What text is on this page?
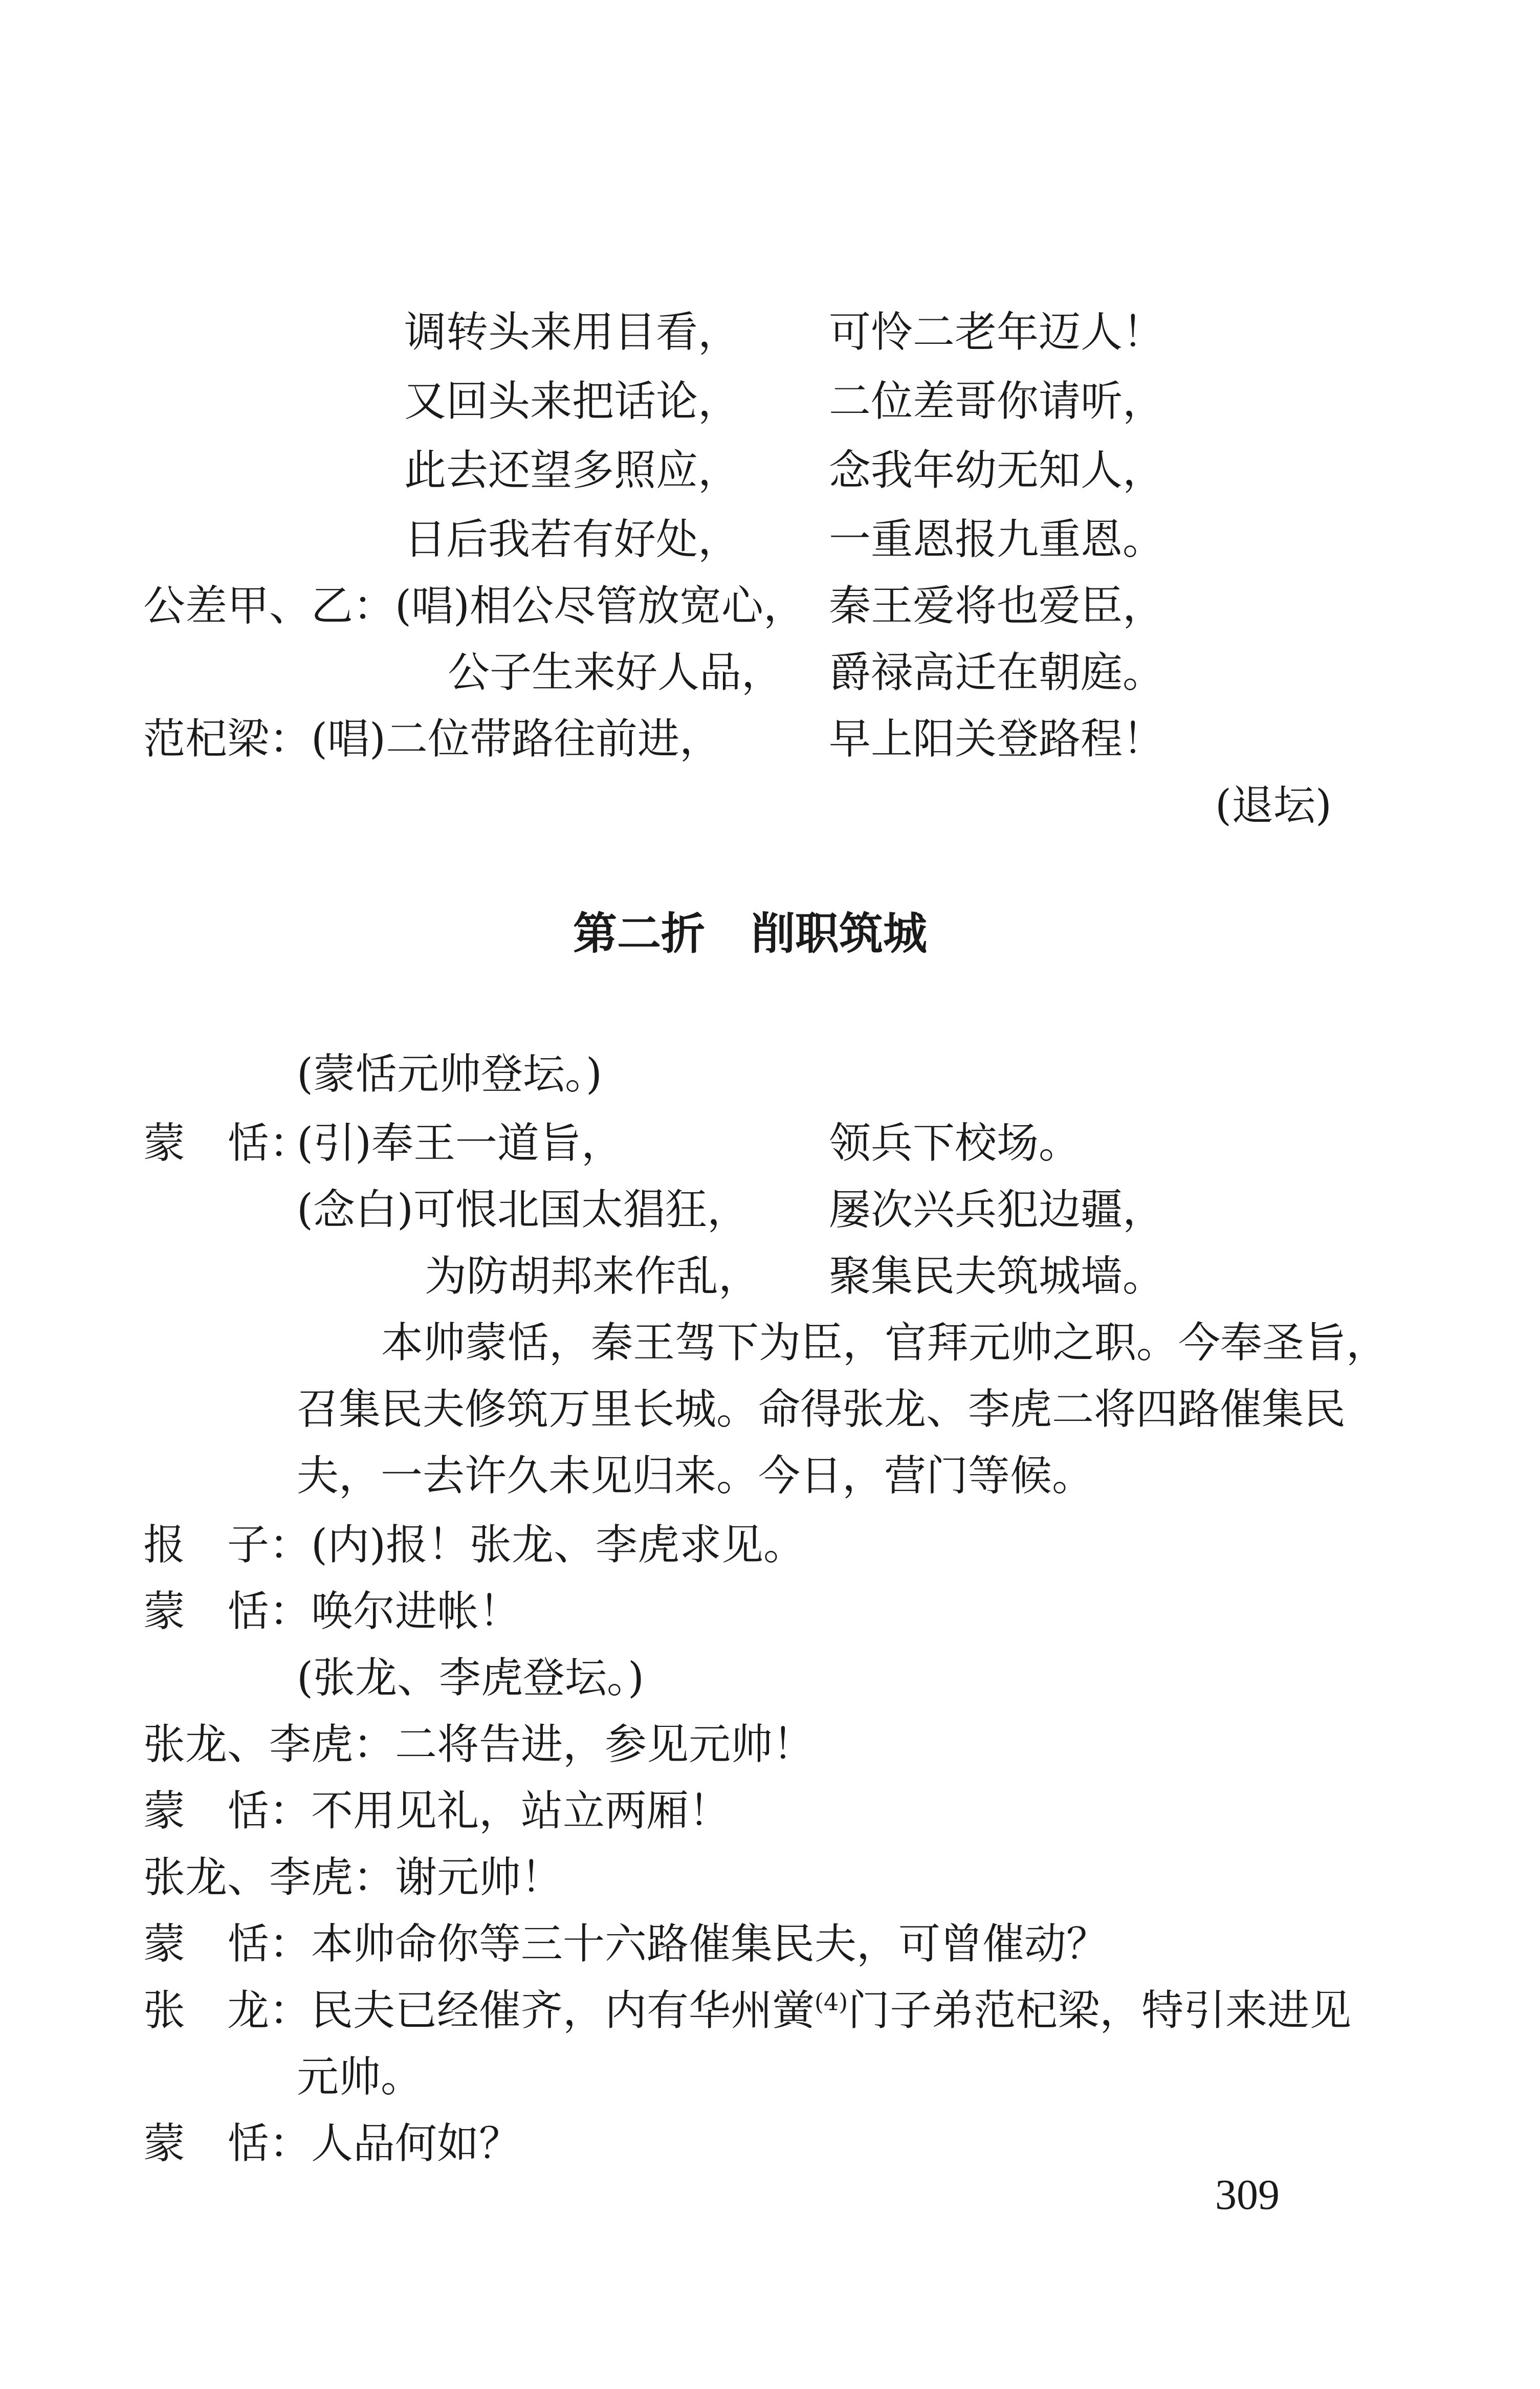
调转头来用目看， 可怜二老年迈人！
又回头来把话论， 二位差哥你请听，
此去还望多照应， 念我年幼无知人，
日后我若有好处， 一重恩报九重恩。
公差甲、乙：(唱)相公尽管放宽心， 秦王爱将也爱臣，
公子生来好人品， 爵禄高迁在朝庭。
范杞梁：(唱)二位带路往前进，	早上阳关登路程！
(退坛)
第二折 削职筑城
(蒙恬元帅登坛。)
蒙　恬：
(引)奉王一道旨，	领兵下校场。
(念白)可恨北国太猖狂， 屡次兴兵犯边疆，
为防胡邦来作乱， 聚集民夫筑城墙。
本帅蒙恬，秦王驾下为臣，官拜元帅之职。今奉圣旨，
召集民夫修筑万里长城。命得张龙、李虎二将四路催集民
夫，一去许久未见归来。今日，营门等候。
报　子：(内)报！张龙、李虎求见。
蒙　恬：唤尔进帐！
(张龙、李虎登坛。)
张龙、李虎：二将告进，参见元帅！
蒙　恬：不用见礼，站立两厢！
张龙、李虎：谢元帅！
蒙　恬：本帅命你等三十六路催集民夫，可曾催动？
张　龙：民夫已经催齐，内有华州黉$^{(4)}$门子弟范杞梁，特引来进见
元帅。
蒙　恬：人品何如？
309
